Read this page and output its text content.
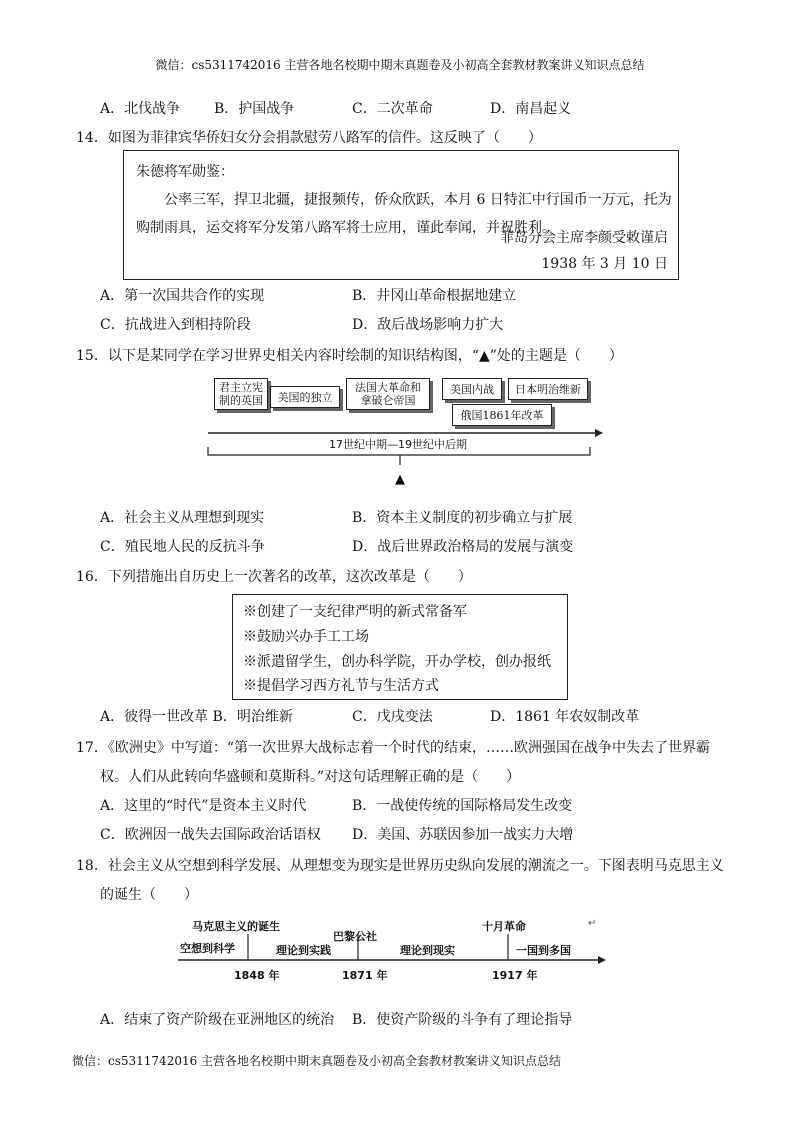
微信：cs5311742016 主营各地名校期中期末真题卷及小初高全套教材教案讲义知识点总结
A．北伐战争 B．护国战争	C．二次革命	D．南昌起义
14．如图为菲律宾华侨妇女分会捐款慰劳八路军的信件。这反映了（　　）
朱德将军勋鉴：
公率三军，捍卫北疆，捷报频传，侨众欣跃，本月 6 日特汇中行国币一万元，托为
购制雨具，运交将军分发第八路军将士应用，谨此奉闻，并祝胜利。
菲岛分会主席李颜受敕谨启
1938 年 3 月 10 日
A．第一次国共合作的实现	B．井冈山革命根据地建立
C．抗战进入到相持阶段	D．敌后战场影响力扩大
15．以下是某同学在学习世界史相关内容时绘制的知识结构图，“▲”处的主题是（　　）
君主立宪
制的英国	美国的独立
法国大革命和
拿破仑帝国
美国内战	日本明治维新
俄国1861年改革
17世纪中期—19世纪中后期
▲
A．社会主义从理想到现实	B．资本主义制度的初步确立与扩展
C．殖民地人民的反抗斗争	D．战后世界政治格局的发展与演变
16．下列措施出自历史上一次著名的改革，这次改革是（　　）
※创建了一支纪律严明的新式常备军
※鼓励兴办手工工场
※派遣留学生，创办科学院，开办学校，创办报纸
※提倡学习西方礼节与生活方式
A．彼得一世改革 B．明治维新	C．戊戌变法	D．1861 年农奴制改革
17．《欧洲史》中写道：“第一次世界大战标志着一个时代的结束，……欧洲强国在战争中失去了世界霸
权。人们从此转向华盛顿和莫斯科。”对这句话理解正确的是（　　）
A．这里的“时代”是资本主义时代	B．一战使传统的国际格局发生改变
C．欧洲因一战失去国际政治话语权 D．美国、苏联因参加一战实力大增
18．社会主义从空想到科学发展、从理想变为现实是世界历史纵向发展的潮流之一。下图表明马克思主义
的诞生（　　）
马克思主义的诞生
空想到科学
巴黎公社
理论到实践	理论到现实
十月革命
一国到多国
↵
1848 年	1871 年	1917 年
A．结束了资产阶级在亚洲地区的统治 B．使资产阶级的斗争有了理论指导
微信：cs5311742016 主营各地名校期中期末真题卷及小初高全套教材教案讲义知识点总结
